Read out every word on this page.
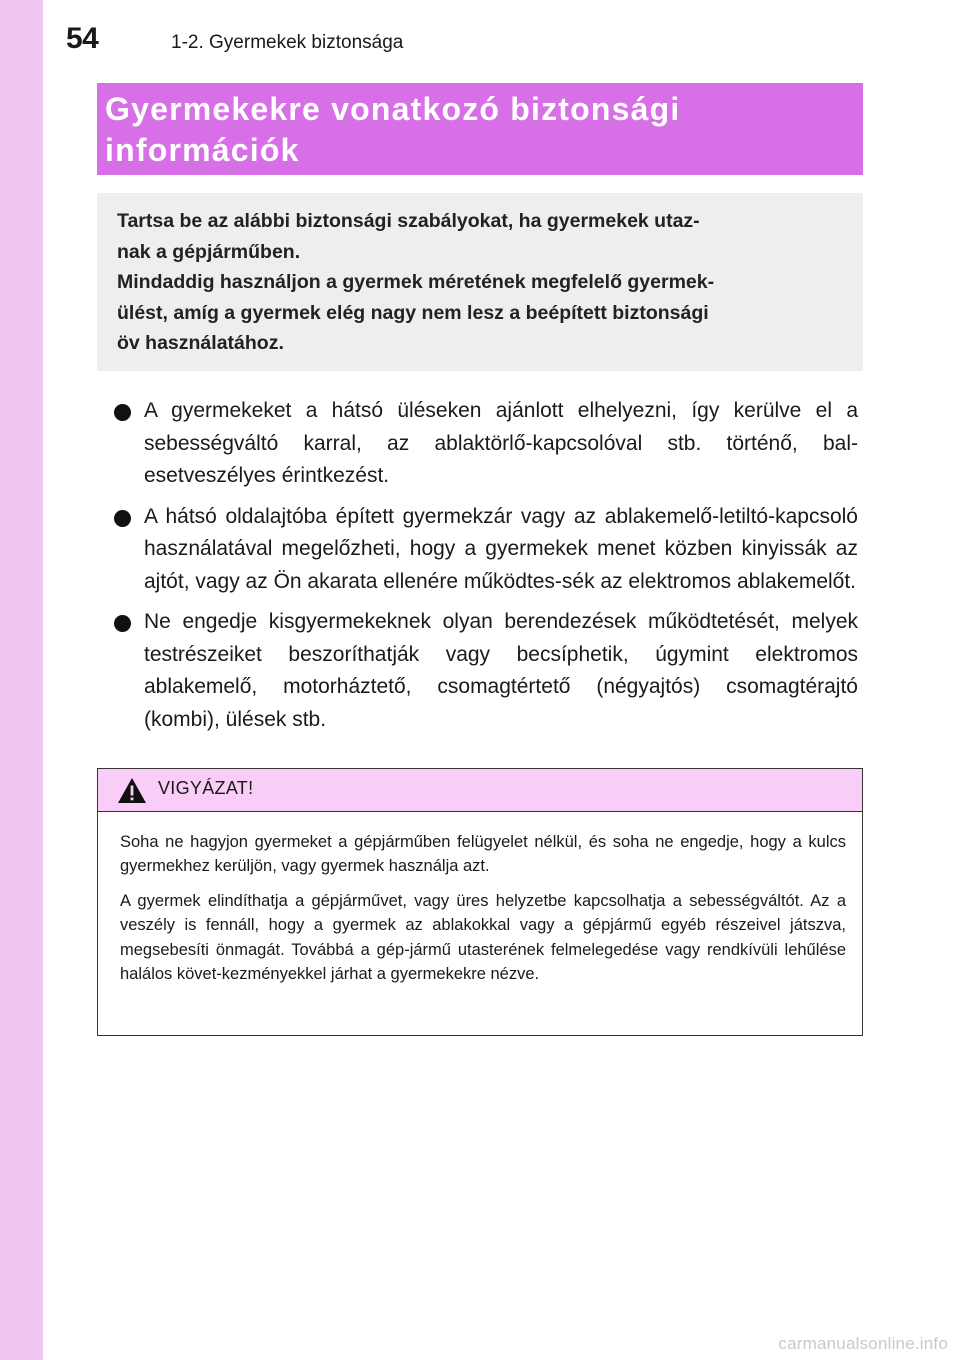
54	1-2. Gyermekek biztonsága
Gyermekekre vonatkozó biztonsági
információk

Tartsa be az alábbi biztonsági szabályokat, ha gyermekek utaz-
nak a gépjárműben.
Mindaddig használjon a gyermek méretének megfelelő gyermek-
ülést, amíg a gyermek elég nagy nem lesz a beépített biztonsági
öv használatához.

A gyermekeket a hátsó üléseken ajánlott elhelyezni, így kerülve el a sebességváltó karral, az ablaktörlő-kapcsolóval stb. történő, bal-esetveszélyes érintkezést.

A hátsó oldalajtóba épített gyermekzár vagy az ablakemelő-letiltó-kapcsoló használatával megelőzheti, hogy a gyermekek menet közben kinyissák az ajtót, vagy az Ön akarata ellenére működtes-sék az elektromos ablakemelőt.

Ne engedje kisgyermekeknek olyan berendezések működtetését, melyek testrészeiket beszoríthatják vagy becsíphetik, úgymint elektromos ablakemelő, motorháztető, csomagtértető (négyajtós) csomagtérajtó (kombi), ülések stb.

VIGYÁZAT!

Soha ne hagyjon gyermeket a gépjárműben felügyelet nélkül, és soha ne engedje, hogy a kulcs gyermekhez kerüljön, vagy gyermek használja azt.

A gyermek elindíthatja a gépjárművet, vagy üres helyzetbe kapcsolhatja a sebességváltót. Az a veszély is fennáll, hogy a gyermek az ablakokkal vagy a gépjármű egyéb részeivel játszva, megsebesíti önmagát. Továbbá a gép-jármű utasterének felmelegedése vagy rendkívüli lehűlése halálos követ-kezményekkel járhat a gyermekekre nézve.

carmanualsonline.info
